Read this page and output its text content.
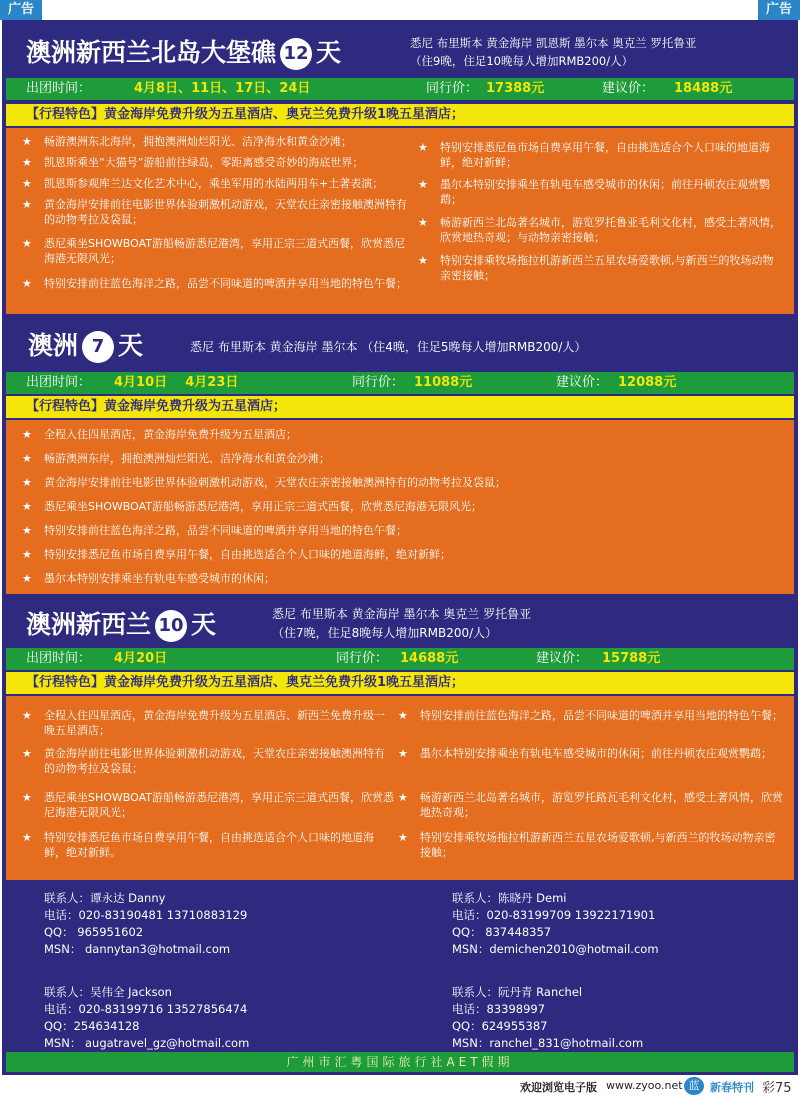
广告	广告
澳洲新西兰北岛大堡礁 12 天	悉尼 布里斯本 黄金海岸 凯恩斯 墨尔本 奥克兰 罗托鲁亚
（住9晚，住足10晚每人增加RMB200/人）
出团时间：	4月8日、11日、17日、24日	同行价： 17388元	建议价： 18488元
【行程特色】黄金海岸免费升级为五星酒店、奥克兰免费升级1晚五星酒店；
★	畅游澳洲东北海岸，拥抱澳洲灿烂阳光、洁净海水和黄金沙滩；
★	凯恩斯乘坐“大猫号”游船前往绿岛，零距离感受奇妙的海底世界；
★	凯恩斯参观库兰达文化艺术中心，乘坐军用的水陆两用车+土著表演；
★	黄金海岸安排前往电影世界体验刺激机动游戏，天堂农庄亲密接触澳洲特有的动物考拉及袋鼠；
★	悉尼乘坐SHOWBOAT游船畅游悉尼港湾，享用正宗三道式西餐，欣赏悉尼海港无限风光；
★	特别安排前往蓝色海洋之路，品尝不同味道的啤酒并享用当地的特色午餐；
★	特别安排悉尼鱼市场自费享用午餐，自由挑选适合个人口味的地道海鲜，绝对新鲜；
★	墨尔本特别安排乘坐有轨电车感受城市的休闲；前往丹顿农庄观赏鹦鹉；
★	畅游新西兰北岛著名城市，游览罗托鲁亚毛利文化村，感受土著风情，欣赏地热奇观；与动物亲密接触；
★	特别安排乘牧场拖拉机游新西兰五星农场爱歌顿,与新西兰的牧场动物亲密接触；
澳洲 7 天	悉尼 布里斯本 黄金海岸 墨尔本 （住4晚，住足5晚每人增加RMB200/人）
出团时间： 4月10日    4月23日	同行价： 11088元	建议价： 12088元
【行程特色】黄金海岸免费升级为五星酒店；
★	全程入住四星酒店，黄金海岸免费升级为五星酒店；
★	畅游澳洲东岸，拥抱澳洲灿烂阳光、洁净海水和黄金沙滩；
★	黄金海岸安排前往电影世界体验刺激机动游戏，天堂农庄亲密接触澳洲特有的动物考拉及袋鼠；
★	悉尼乘坐SHOWBOAT游船畅游悉尼港湾，享用正宗三道式西餐，欣赏悉尼海港无限风光；
★	特别安排前往蓝色海洋之路，品尝不同味道的啤酒并享用当地的特色午餐；
★	特别安排悉尼鱼市场自费享用午餐，自由挑选适合个人口味的地道海鲜，绝对新鲜；
★	墨尔本特别安排乘坐有轨电车感受城市的休闲；
澳洲新西兰 10 天	悉尼 布里斯本 黄金海岸 墨尔本 奥克兰 罗托鲁亚
（住7晚，住足8晚每人增加RMB200/人）
出团时间： 4月20日	同行价： 14688元	建议价： 15788元
【行程特色】黄金海岸免费升级为五星酒店、奥克兰免费升级1晚五星酒店；
★	全程入住四星酒店，黄金海岸免费升级为五星酒店、新西兰免费升级一晚五星酒店；
★	黄金海岸前往电影世界体验刺激机动游戏，天堂农庄亲密接触澳洲特有的动物考拉及袋鼠；
★	悉尼乘坐SHOWBOAT游船畅游悉尼港湾，享用正宗三道式西餐，欣赏悉尼海港无限风光；
★	特别安排悉尼鱼市场自费享用午餐，自由挑选适合个人口味的地道海鲜，绝对新鲜。
★	特别安排前往蓝色海洋之路，品尝不同味道的啤酒并享用当地的特色午餐；
★	墨尔本特别安排乘坐有轨电车感受城市的休闲；前往丹顿农庄观赏鹦鹉；
★	畅游新西兰北岛著名城市，游览罗托路瓦毛利文化村，感受土著风情，欣赏地热奇观；
★	特别安排乘牧场拖拉机游新西兰五星农场爱歌顿,与新西兰的牧场动物亲密接触；
联系人：谭永达 Danny
电话：020-83190481 13710883129
QQ： 965951602
MSN： dannytan3@hotmail.com
联系人：陈晓丹 Demi
电话：020-83199709 13922171901
QQ： 837448357
MSN：demichen2010@hotmail.com
联系人：吴伟全 Jackson
电话：020-83199716 13527856474
QQ：254634128
MSN： augatravel_gz@hotmail.com
联系人：阮丹青 Ranchel
电话：83398997
QQ：624955387
MSN：ranchel_831@hotmail.com
广州市汇粤国际旅行社AET假期
欢迎浏览电子版 www.zyoo.net 蓝 新春特刊 彩75
